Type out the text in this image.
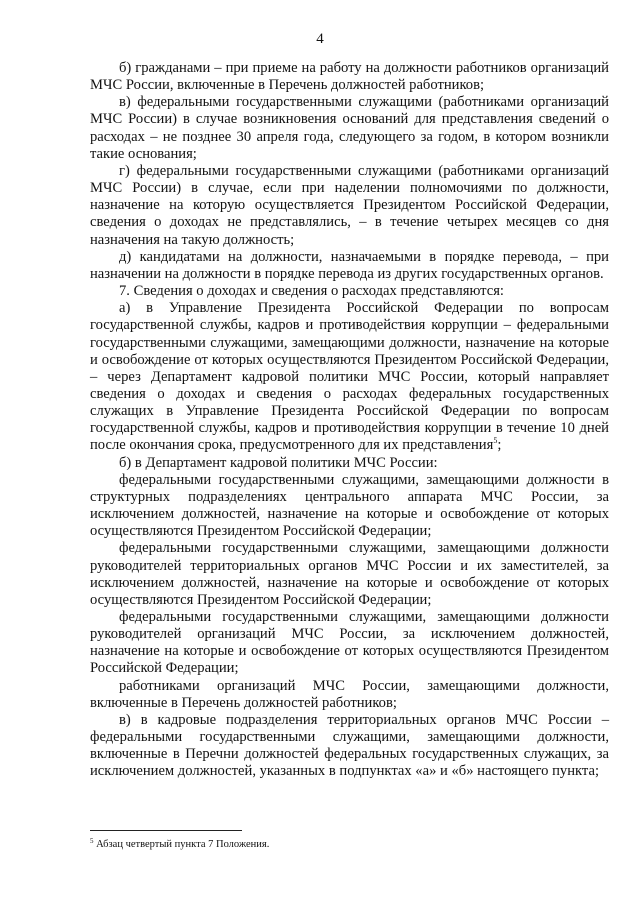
4

б) гражданами – при приеме на работу на должности работников организаций МЧС России, включенные в Перечень должностей работников;

в) федеральными государственными служащими (работниками организаций МЧС России) в случае возникновения оснований для представления сведений о расходах – не позднее 30 апреля года, следующего за годом, в котором возникли такие основания;

г) федеральными государственными служащими (работниками организаций МЧС России) в случае, если при наделении полномочиями по должности, назначение на которую осуществляется Президентом Российской Федерации, сведения о доходах не представлялись, – в течение четырех месяцев со дня назначения на такую должность;

д) кандидатами на должности, назначаемыми в порядке перевода, – при назначении на должности в порядке перевода из других государственных органов.

7. Сведения о доходах и сведения о расходах представляются:

а) в Управление Президента Российской Федерации по вопросам государственной службы, кадров и противодействия коррупции – федеральными государственными служащими, замещающими должности, назначение на которые и освобождение от которых осуществляются Президентом Российской Федерации, – через Департамент кадровой политики МЧС России, который направляет сведения о доходах и сведения о расходах федеральных государственных служащих в Управление Президента Российской Федерации по вопросам государственной службы, кадров и противодействия коррупции в течение 10 дней после окончания срока, предусмотренного для их представления$^5$;

б) в Департамент кадровой политики МЧС России:

федеральными государственными служащими, замещающими должности в структурных подразделениях центрального аппарата МЧС России, за исключением должностей, назначение на которые и освобождение от которых осуществляются Президентом Российской Федерации;

федеральными государственными служащими, замещающими должности руководителей территориальных органов МЧС России и их заместителей, за исключением должностей, назначение на которые и освобождение от которых осуществляются Президентом Российской Федерации;

федеральными государственными служащими, замещающими должности руководителей организаций МЧС России, за исключением должностей, назначение на которые и освобождение от которых осуществляются Президентом Российской Федерации;

работниками организаций МЧС России, замещающими должности, включенные в Перечень должностей работников;

в) в кадровые подразделения территориальных органов МЧС России – федеральными государственными служащими, замещающими должности, включенные в Перечни должностей федеральных государственных служащих, за исключением должностей, указанных в подпунктах «а» и «б» настоящего пункта;

$^5$ Абзац четвертый пункта 7 Положения.
